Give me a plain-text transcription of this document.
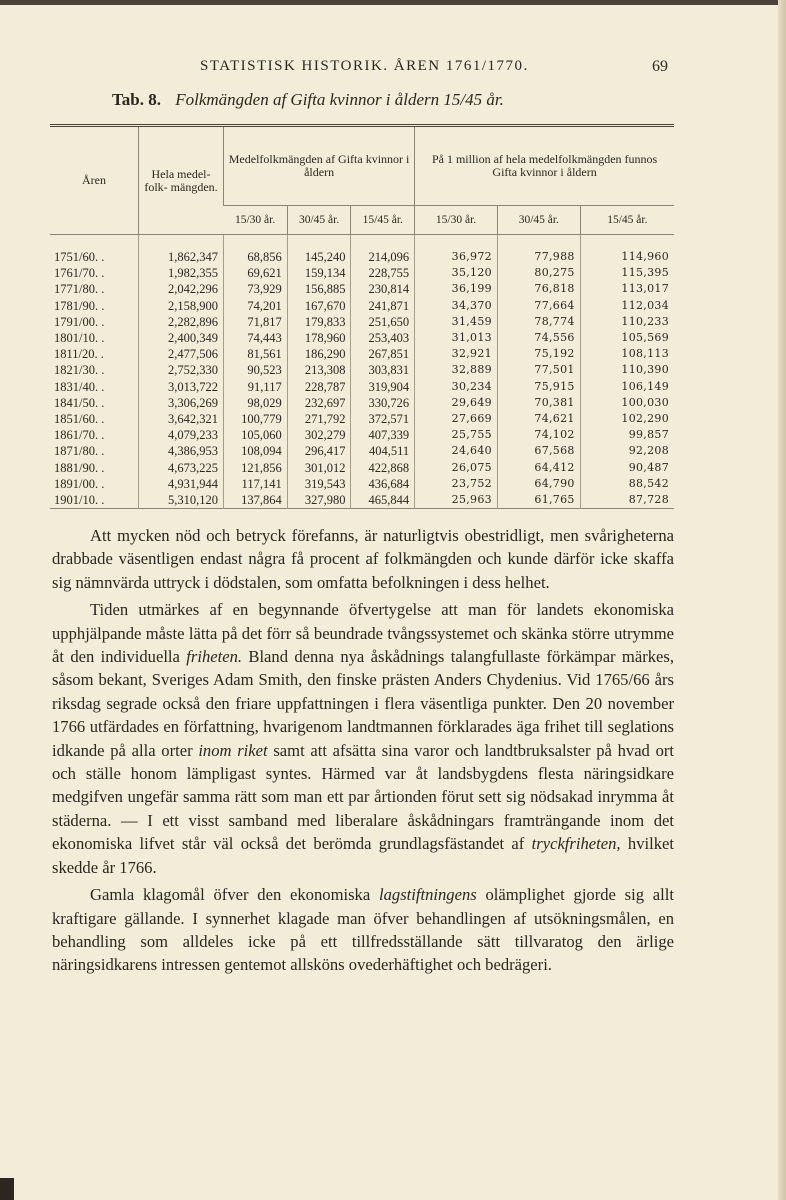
STATISTISK HISTORIK. ÅREN 1761/1770.	69
Tab. 8. Folkmängden af Gifta kvinnor i åldern 15/45 år.
Åren	Hela medel- folk- mängden.	Medelfolkmängden af Gifta kvinnor i åldern			På 1 million af hela medelfolkmängden funnos Gifta kvinnor i åldern		
		15/30 år.	30/45 år.	15/45 år.	15/30 år.	30/45 år.	15/45 år.
1751/60. .	1,862,347	68,856	145,240	214,096	36,972	77,988	114,960
1761/70. .	1,982,355	69,621	159,134	228,755	35,120	80,275	115,395
1771/80. .	2,042,296	73,929	156,885	230,814	36,199	76,818	113,017
1781/90. .	2,158,900	74,201	167,670	241,871	34,370	77,664	112,034
1791/00. .	2,282,896	71,817	179,833	251,650	31,459	78,774	110,233
1801/10. .	2,400,349	74,443	178,960	253,403	31,013	74,556	105,569
1811/20. .	2,477,506	81,561	186,290	267,851	32,921	75,192	108,113
1821/30. .	2,752,330	90,523	213,308	303,831	32,889	77,501	110,390
1831/40. .	3,013,722	91,117	228,787	319,904	30,234	75,915	106,149
1841/50. .	3,306,269	98,029	232,697	330,726	29,649	70,381	100,030
1851/60. .	3,642,321	100,779	271,792	372,571	27,669	74,621	102,290
1861/70. .	4,079,233	105,060	302,279	407,339	25,755	74,102	99,857
1871/80. .	4,386,953	108,094	296,417	404,511	24,640	67,568	92,208
1881/90. .	4,673,225	121,856	301,012	422,868	26,075	64,412	90,487
1891/00. .	4,931,944	117,141	319,543	436,684	23,752	64,790	88,542
1901/10. .	5,310,120	137,864	327,980	465,844	25,963	61,765	87,728

Att mycken nöd och betryck förefanns, är naturligtvis obestridligt, men svårigheterna drabbade väsentligen endast några få procent af folkmängden och kunde därför icke skaffa sig nämnvärda uttryck i dödstalen, som omfatta befolkningen i dess helhet.

Tiden utmärkes af en begynnande öfvertygelse att man för landets ekonomiska upphjälpande måste lätta på det förr så beundrade tvångssystemet och skänka större utrymme åt den individuella friheten. Bland denna nya åskådnings talangfullaste förkämpar märkes, såsom bekant, Sveriges Adam Smith, den finske prästen Anders Chydenius. Vid 1765/66 års riksdag segrade också den friare uppfattningen i flera väsentliga punkter. Den 20 november 1766 utfärdades en författning, hvarigenom landtmannen förklarades äga frihet till seglations idkande på alla orter inom riket samt att afsätta sina varor och landtbruksalster på hvad ort och ställe honom lämpligast syntes. Härmed var åt landsbygdens flesta näringsidkare medgifven ungefär samma rätt som man ett par årtionden förut sett sig nödsakad inrymma åt städerna. — I ett visst samband med liberalare åskådningars framträngande inom det ekonomiska lifvet står väl också det berömda grundlagsfästandet af tryckfriheten, hvilket skedde år 1766.

Gamla klagomål öfver den ekonomiska lagstiftningens olämplighet gjorde sig allt kraftigare gällande. I synnerhet klagade man öfver behandlingen af utsökningsmålen, en behandling som alldeles icke på ett tillfredsställande sätt tillvaratog den ärlige näringsidkarens intressen gentemot allsköns ovederhäftighet och bedrägeri.
